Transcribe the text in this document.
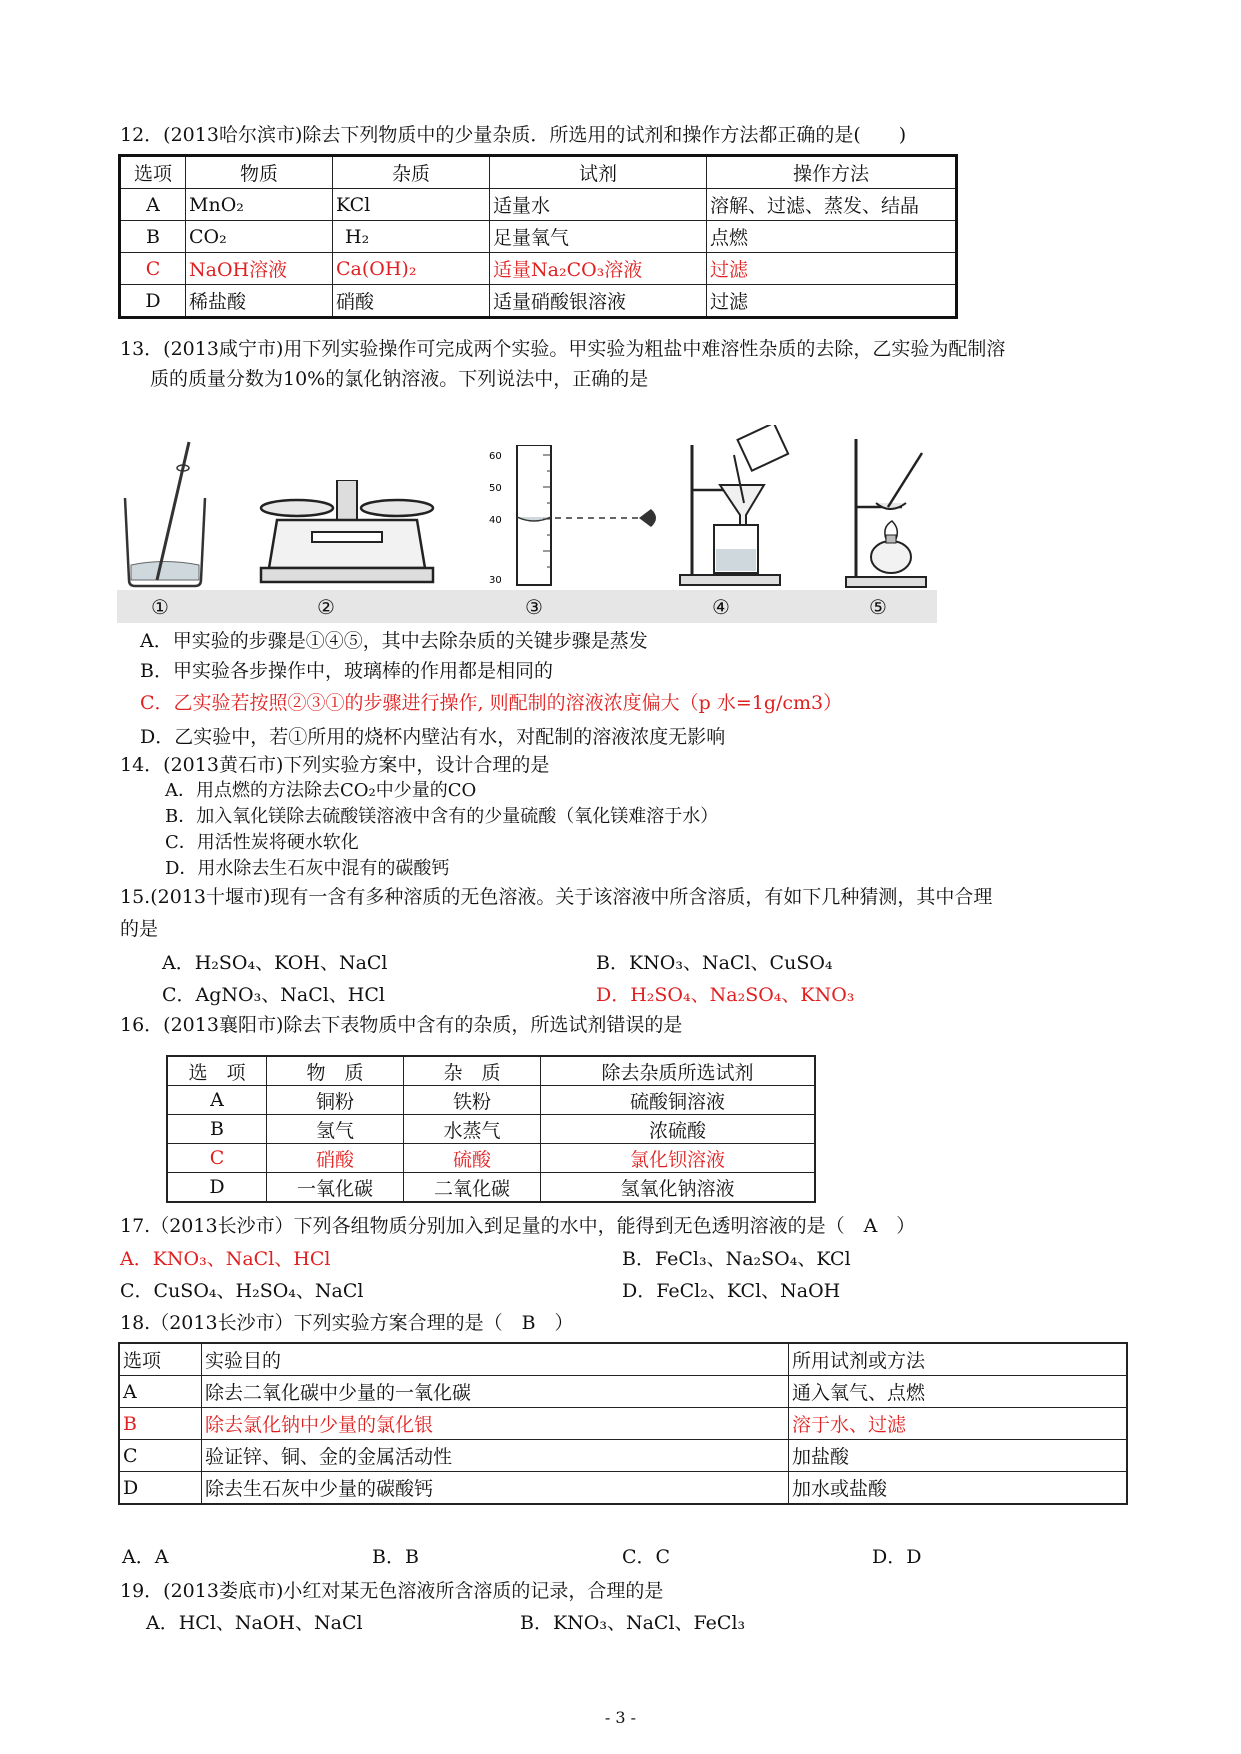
12．(2013哈尔滨市)除去下列物质中的少量杂质．所选用的试剂和操作方法都正确的是(　　)
选项	物质	杂质	试剂	操作方法
A	MnO₂	KCl	适量水	溶解、过滤、蒸发、结晶
B	CO₂	H₂	足量氧气	点燃
C	NaOH溶液	Ca(OH)₂	适量Na₂CO₃溶液	过滤
D	稀盐酸	硝酸	适量硝酸银溶液	过滤
13．(2013咸宁市)用下列实验操作可完成两个实验。甲实验为粗盐中难溶性杂质的去除，乙实验为配制溶
质的质量分数为10%的氯化钠溶液。下列说法中，正确的是
60
50
40
30
①	②	③	④	⑤
A．甲实验的步骤是①④⑤，其中去除杂质的关键步骤是蒸发
B．甲实验各步操作中，玻璃棒的作用都是相同的
C．乙实验若按照②③①的步骤进行操作, 则配制的溶液浓度偏大（p 水=1g/cm3）
D．乙实验中，若①所用的烧杯内壁沾有水，对配制的溶液浓度无影响
14．(2013黄石市)下列实验方案中，设计合理的是
A．用点燃的方法除去CO₂中少量的CO
B．加入氧化镁除去硫酸镁溶液中含有的少量硫酸（氧化镁难溶于水）
C．用活性炭将硬水软化
D．用水除去生石灰中混有的碳酸钙
15.(2013十堰市)现有一含有多种溶质的无色溶液。关于该溶液中所含溶质，有如下几种猜测，其中合理
的是
A．H₂SO₄、KOH、NaCl	B．KNO₃、NaCl、CuSO₄
C．AgNO₃、NaCl、HCl	D．H₂SO₄、Na₂SO₄、KNO₃
16．(2013襄阳市)除去下表物质中含有的杂质，所选试剂错误的是
选　项	物　质	杂　质	除去杂质所选试剂
A	铜粉	铁粉	硫酸铜溶液
B	氢气	水蒸气	浓硫酸
C	硝酸	硫酸	氯化钡溶液
D	一氧化碳	二氧化碳	氢氧化钠溶液
17.（2013长沙市）下列各组物质分别加入到足量的水中，能得到无色透明溶液的是（　A　）
A．KNO₃、NaCl、HCl	B．FeCl₃、Na₂SO₄、KCl
C．CuSO₄、H₂SO₄、NaCl	D．FeCl₂、KCl、NaOH
18.（2013长沙市）下列实验方案合理的是（　B　）
选项	实验目的	所用试剂或方法
A	除去二氧化碳中少量的一氧化碳	通入氧气、点燃
B	除去氯化钠中少量的氯化银	溶于水、过滤
C	验证锌、铜、金的金属活动性	加盐酸
D	除去生石灰中少量的碳酸钙	加水或盐酸
A．A	B．B	C．C	D．D
19．(2013娄底市)小红对某无色溶液所含溶质的记录，合理的是
A．HCl、NaOH、NaCl	B．KNO₃、NaCl、FeCl₃
- 3 -
